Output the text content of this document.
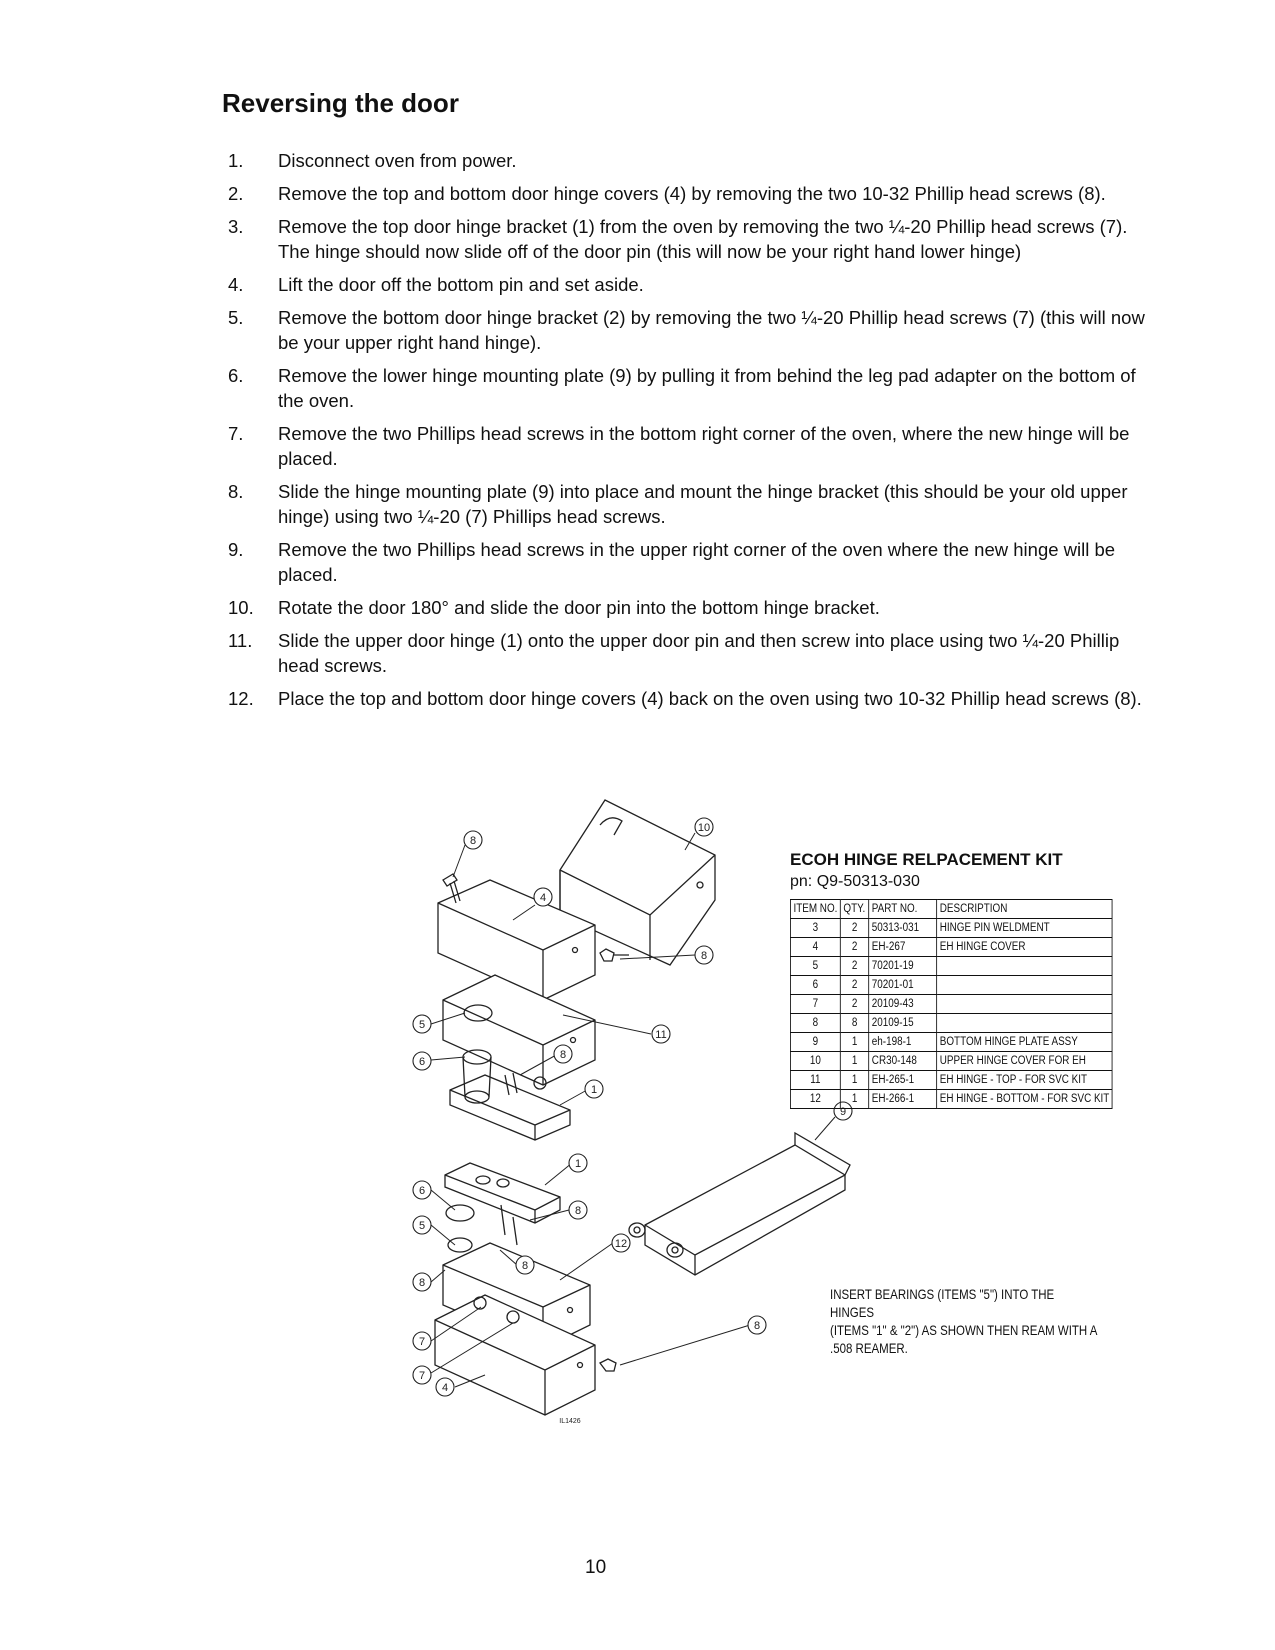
Reversing the door
1.	Disconnect oven from power.
2.	Remove the top and bottom door hinge covers (4) by removing the two 10-32 Phillip head screws (8).
3.	Remove the top door hinge bracket (1) from the oven by removing the two ¼-20 Phillip head screws (7). The hinge should now slide off of the door pin (this will now be your right hand lower hinge)
4.	Lift the door off the bottom pin and set aside.
5.	Remove the bottom door hinge bracket (2) by removing the two ¼-20 Phillip head screws (7) (this will now be your upper right hand hinge).
6.	Remove the lower hinge mounting plate (9) by pulling it from behind the leg pad adapter on the bottom of the oven.
7.	Remove the two Phillips head screws in the bottom right corner of the oven, where the new hinge will be placed.
8.	Slide the hinge mounting plate (9) into place and mount the hinge bracket (this should be your old upper hinge) using two ¼-20 (7) Phillips head screws.
9.	Remove the two Phillips head screws in the upper right corner of the oven where the new hinge will be placed.
10.	Rotate the door 180° and slide the door pin into the bottom hinge bracket.
11.	Slide the upper door hinge (1) onto the upper door pin and then screw into place using two ¼-20 Phillip head screws.
12.	Place the top and bottom door hinge covers (4) back on the oven using two 10-32 Phillip head screws (8).
10
8
4
8
5
11
6
8
1
1
6
8
5
12
8
8
7
7
4
8
IL1426
9

ECOH HINGE RELPACEMENT KIT

pn: Q9-50313-030

ITEM NO.	QTY.	PART NO.	DESCRIPTION
3	2	50313-031	HINGE PIN WELDMENT
4	2	EH-267	EH HINGE COVER
5	2	70201-19	
6	2	70201-01	
7	2	20109-43	
8	8	20109-15	
9	1	eh-198-1	BOTTOM HINGE PLATE ASSY
10	1	CR30-148	UPPER HINGE COVER FOR EH
11	1	EH-265-1	EH HINGE - TOP - FOR SVC KIT
12	1	EH-266-1	EH HINGE - BOTTOM - FOR SVC KIT
INSERT BEARINGS (ITEMS "5") INTO THE HINGES
(ITEMS "1" & "2") AS SHOWN THEN REAM WITH A
.508 REAMER.
10
